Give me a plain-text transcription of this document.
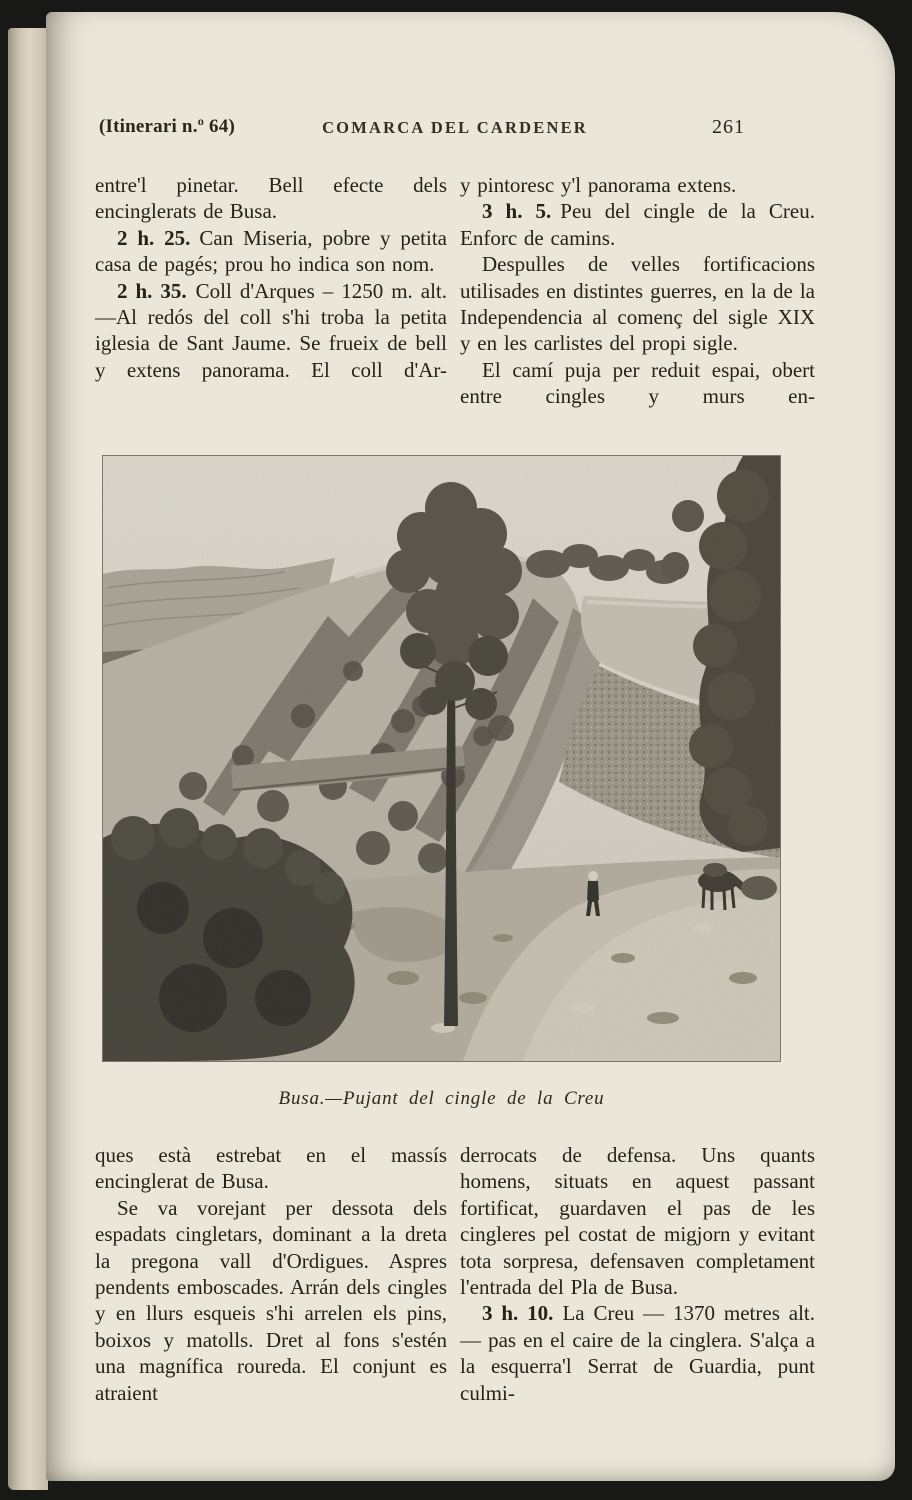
(Itinerari n.º 64)	COMARCA DEL CARDENER	261

entre'l pinetar. Bell efecte dels encinglerats de Busa.

2 h. 25. Can Miseria, pobre y petita casa de pagés; prou ho indica son nom.

2 h. 35. Coll d'Arques – 1250 m. alt.—Al redós del coll s'hi troba la petita iglesia de Sant Jaume. Se frueix de bell y extens panorama. El coll d'Ar-

y pintoresc y'l panorama extens.

3 h. 5. Peu del cingle de la Creu. Enforc de camins.

Despulles de velles fortificacions utilisades en distintes guerres, en la de la Independencia al començ del sigle XIX y en les carlistes del propi sigle.

El camí puja per reduit espai, obert entre cingles y murs en-

Busa.—Pujant del cingle de la Creu

ques està estrebat en el massís encinglerat de Busa.

Se va vorejant per dessota dels espadats cingletars, dominant a la dreta la pregona vall d'Ordigues. Aspres pendents emboscades. Arrán dels cingles y en llurs esqueis s'hi arrelen els pins, boixos y matolls. Dret al fons s'estén una magnífica roureda. El conjunt es atraient

derrocats de defensa. Uns quants homens, situats en aquest passant fortificat, guardaven el pas de les cingleres pel costat de migjorn y evitant tota sorpresa, defensaven completament l'entrada del Pla de Busa.

3 h. 10. La Creu — 1370 metres alt. — pas en el caire de la cinglera. S'alça a la esquerra'l Serrat de Guardia, punt culmi-
